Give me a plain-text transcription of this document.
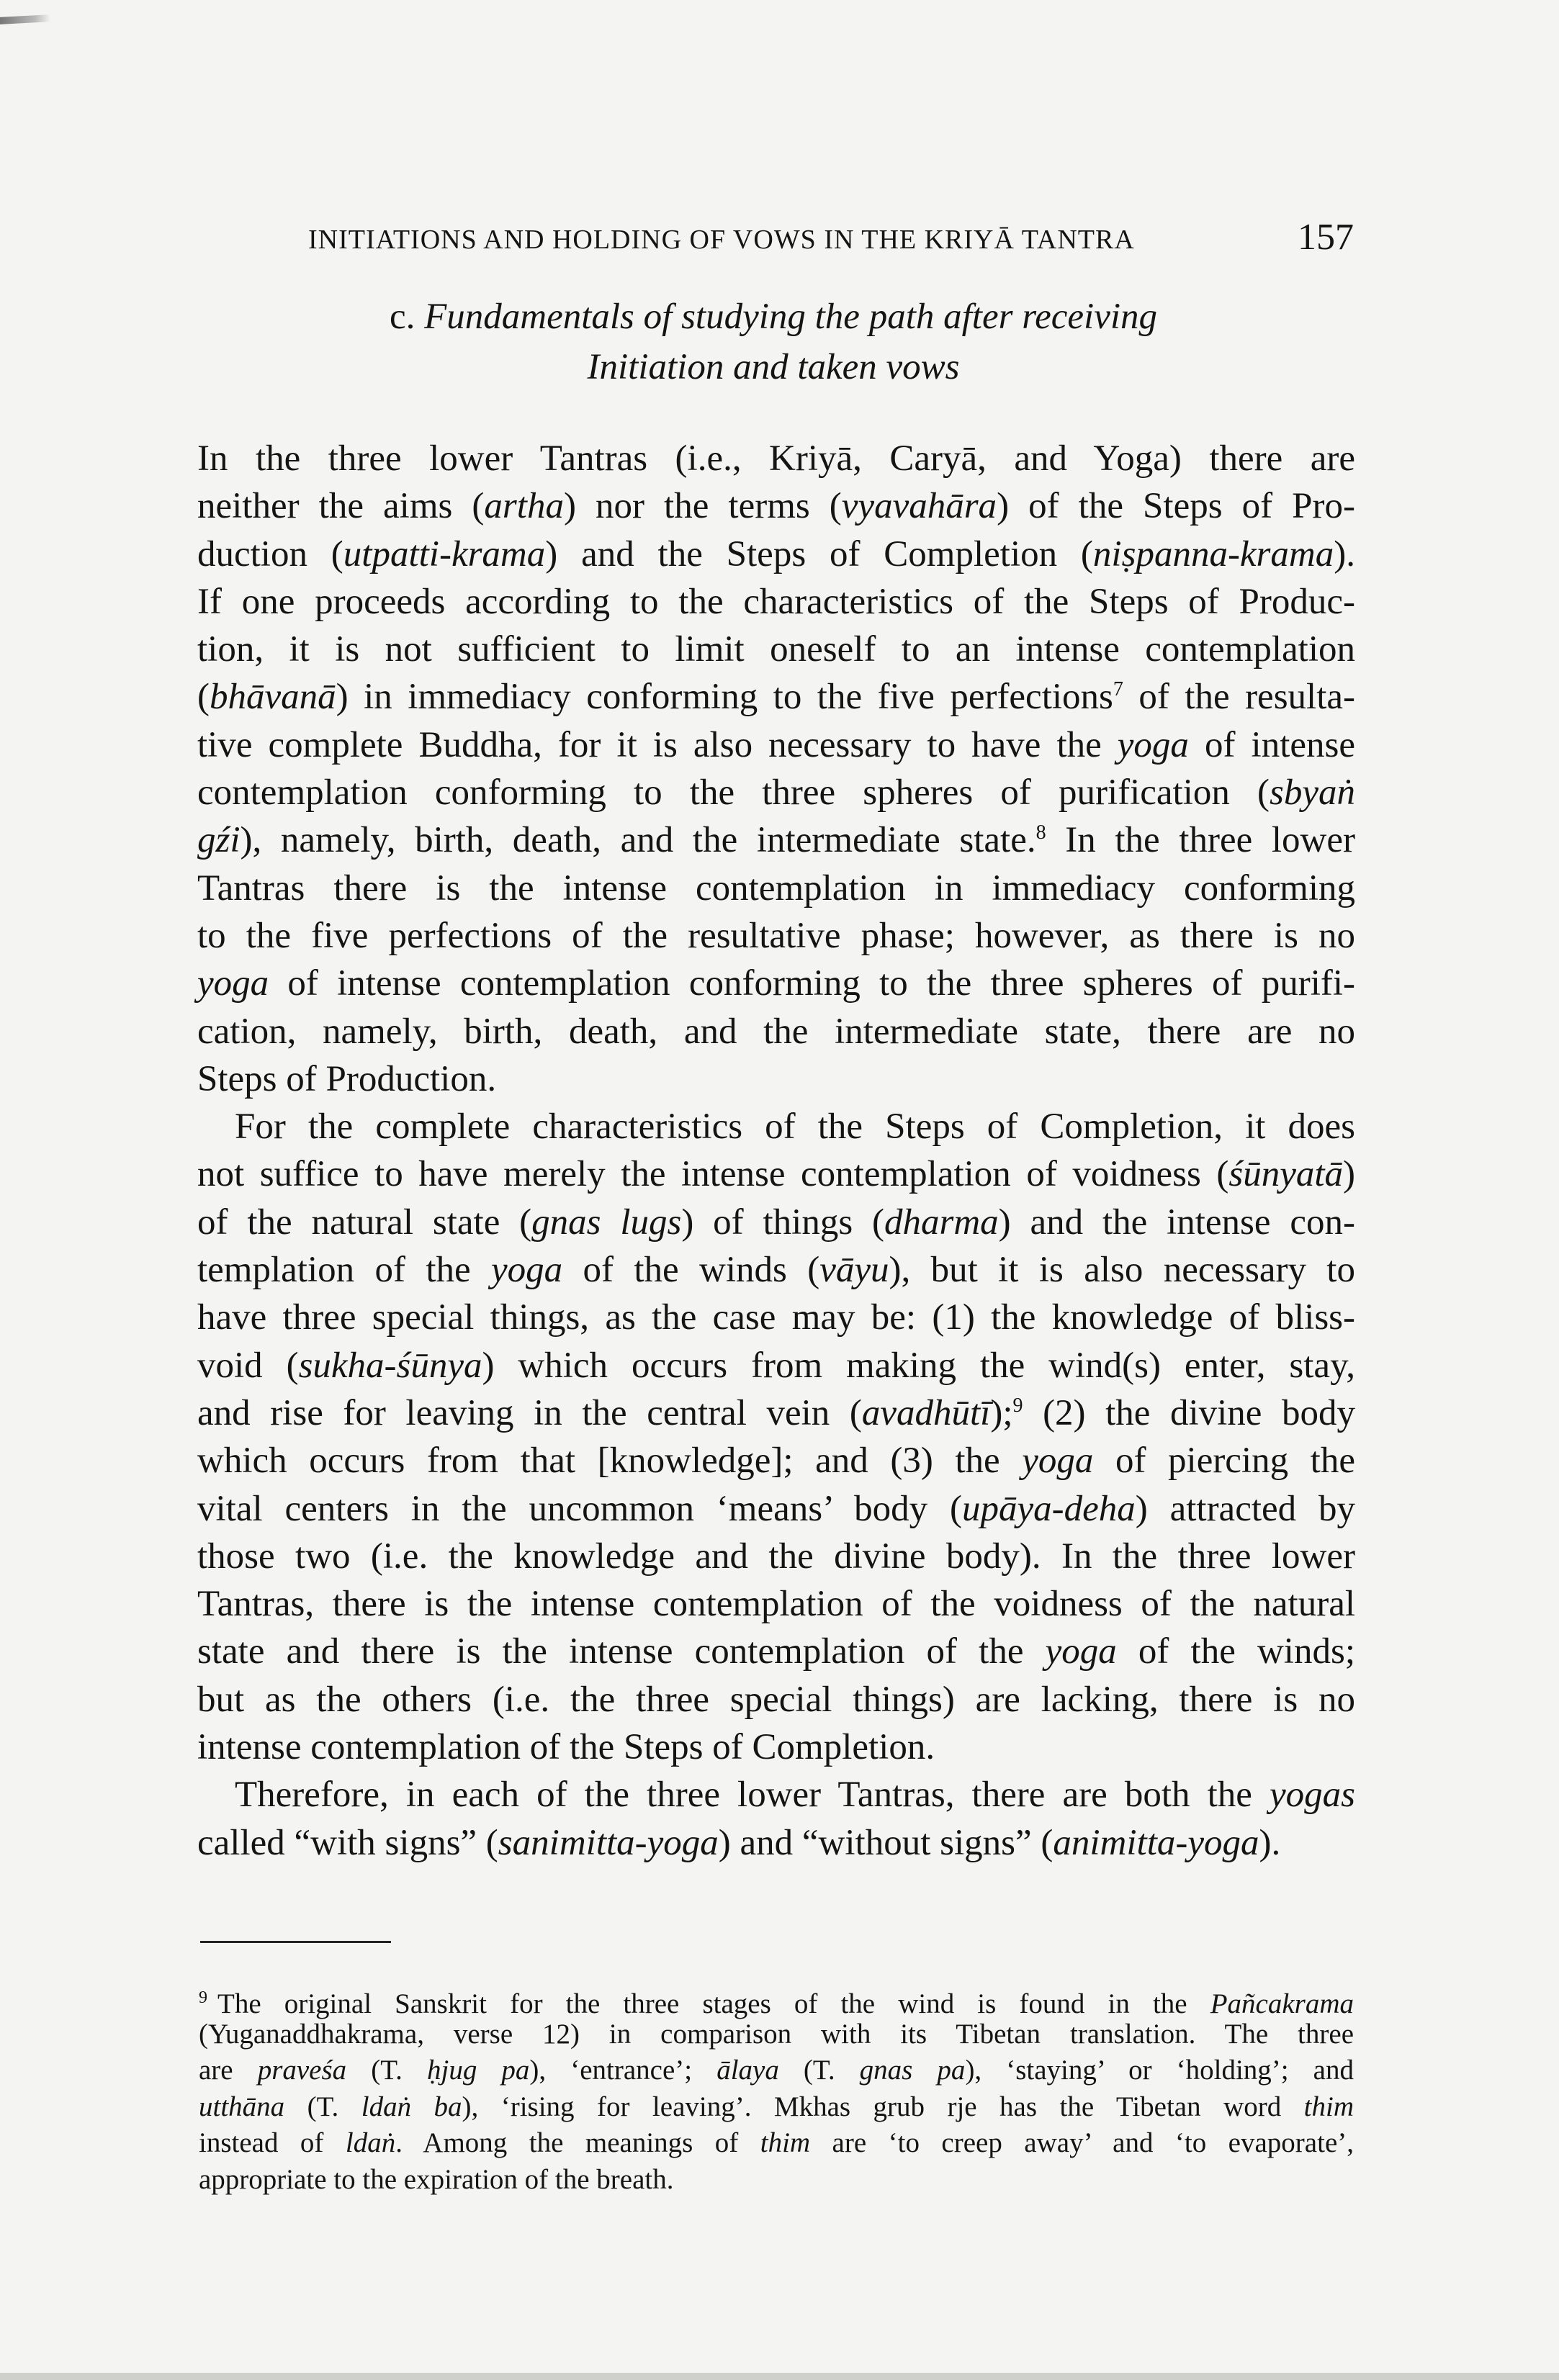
INITIATIONS AND HOLDING OF VOWS IN THE KRIYĀ TANTRA	157
c. Fundamentals of studying the path after receiving
Initiation and taken vows

In the three lower Tantras (i.e., Kriyā, Caryā, and Yoga) there are
neither the aims (artha) nor the terms (vyavahāra) of the Steps of Pro-
duction (utpatti-krama) and the Steps of Completion (niṣpanna-krama).
If one proceeds according to the characteristics of the Steps of Produc-
tion, it is not sufficient to limit oneself to an intense contemplation
(bhāvanā) in immediacy conforming to the five perfections$^7$ of the resulta-
tive complete Buddha, for it is also necessary to have the yoga of intense
contemplation conforming to the three spheres of purification (sbyaṅ
gźi), namely, birth, death, and the intermediate state.$^8$ In the three lower
Tantras there is the intense contemplation in immediacy conforming
to the five perfections of the resultative phase; however, as there is no
yoga of intense contemplation conforming to the three spheres of purifi-
cation, namely, birth, death, and the intermediate state, there are no
Steps of Production.

For the complete characteristics of the Steps of Completion, it does
not suffice to have merely the intense contemplation of voidness (śūnyatā)
of the natural state (gnas lugs) of things (dharma) and the intense con-
templation of the yoga of the winds (vāyu), but it is also necessary to
have three special things, as the case may be: (1) the knowledge of bliss-
void (sukha-śūnya) which occurs from making the wind(s) enter, stay,
and rise for leaving in the central vein (avadhūtī);$^9$ (2) the divine body
which occurs from that [knowledge]; and (3) the yoga of piercing the
vital centers in the uncommon ‘means’ body (upāya-deha) attracted by
those two (i.e. the knowledge and the divine body). In the three lower
Tantras, there is the intense contemplation of the voidness of the natural
state and there is the intense contemplation of the yoga of the winds;
but as the others (i.e. the three special things) are lacking, there is no
intense contemplation of the Steps of Completion.

Therefore, in each of the three lower Tantras, there are both the yogas
called “with signs” (sanimitta-yoga) and “without signs” (animitta-yoga).

$^9$ The original Sanskrit for the three stages of the wind is found in the Pañcakrama
(Yuganaddhakrama, verse 12) in comparison with its Tibetan translation. The three
are praveśa (T. ḥjug pa), ‘entrance’; ālaya (T. gnas pa), ‘staying’ or ‘holding’; and
utthāna (T. ldaṅ ba), ‘rising for leaving’. Mkhas grub rje has the Tibetan word thim
instead of ldaṅ. Among the meanings of thim are ‘to creep away’ and ‘to evaporate’,
appropriate to the expiration of the breath.
